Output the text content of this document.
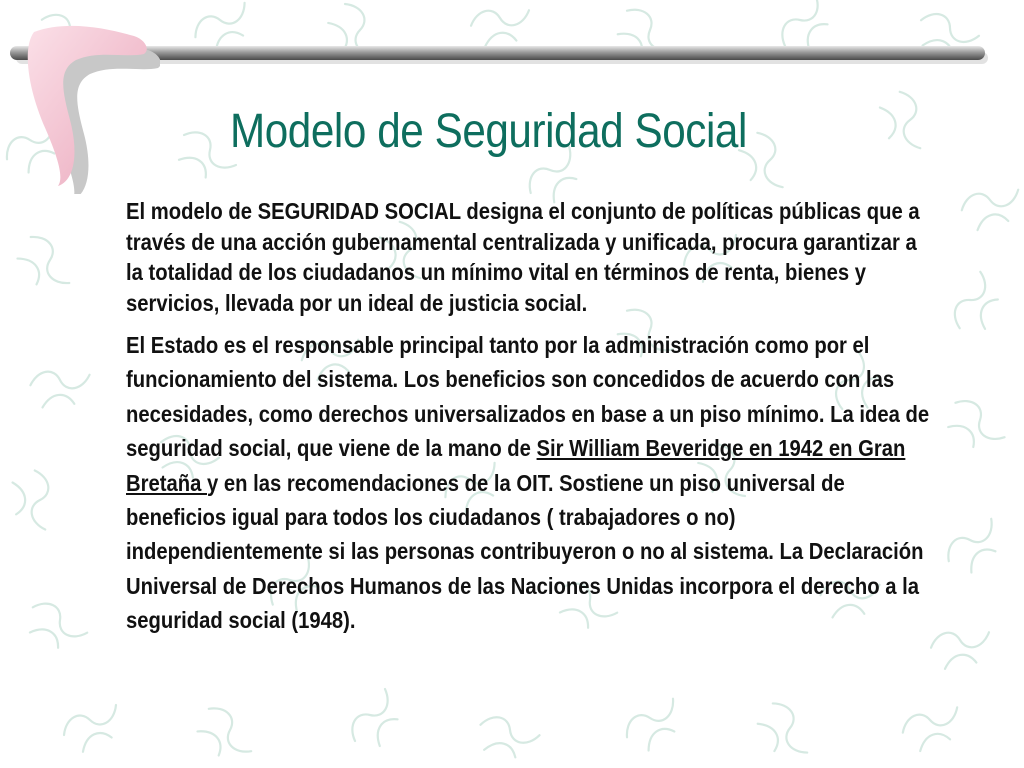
Modelo de Seguridad Social

El modelo de SEGURIDAD SOCIAL designa el conjunto de políticas públicas que a través de una acción gubernamental centralizada y unificada, procura garantizar a la totalidad de los ciudadanos un mínimo vital en términos de renta, bienes y servicios, llevada por un ideal de justicia social.

El Estado es el responsable principal tanto por la administración como por el funcionamiento del sistema. Los beneficios son concedidos de acuerdo con las necesidades, como derechos universalizados en base a un piso mínimo. La idea de seguridad social, que viene de la mano de Sir William Beveridge en 1942 en Gran Bretaña y en las recomendaciones de la OIT. Sostiene un piso universal de beneficios igual para todos los ciudadanos ( trabajadores o no) independientemente si las personas contribuyeron o no al sistema. La Declaración Universal de Derechos Humanos de las Naciones Unidas incorpora el derecho a la seguridad social (1948).
